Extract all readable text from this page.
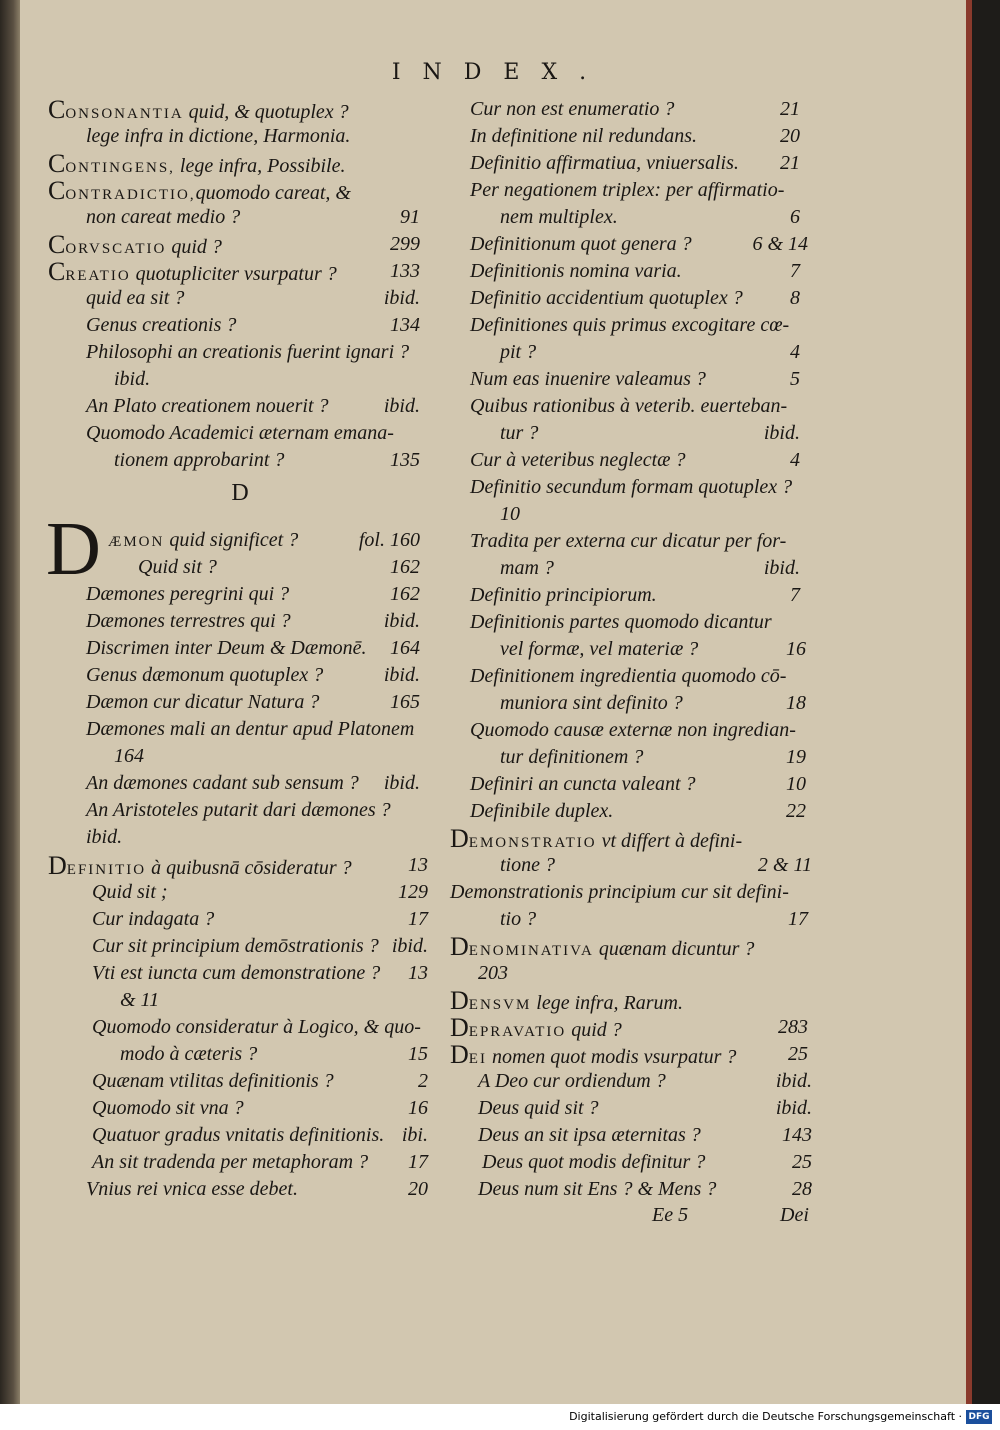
INDEX.
D
D
CONSONANTIA quid, & quotuplex ?
lege infra in dictione, Harmonia.
CONTINGENS, lege infra, Possibile.
CONTRADICTIO,quomodo careat, &
non careat medio ?	91
CORVSCATIO quid ?	299
CREATIO quotupliciter vsurpatur ?	133
quid ea sit ?	ibid.
Genus creationis ?	134
Philosophi an creationis fuerint ignari ?
ibid.
An Plato creationem nouerit ?	ibid.
Quomodo Academici æternam emana-
tionem approbarint ?	135
ÆMON quid significet ?	fol. 160
Quid sit ?	162
Dæmones peregrini qui ?	162
Dæmones terrestres qui ?	ibid.
Discrimen inter Deum & Dæmonē. 164
Genus dæmonum quotuplex ?	ibid.
Dæmon cur dicatur Natura ?	165
Dæmones mali an dentur apud Platonem
164
An dæmones cadant sub sensum ? ibid.
An Aristoteles putarit dari dæmones ?
ibid.
DEFINITIO à quibusnā cōsideratur ?	13
Quid sit ;	129
Cur indagata ?	17
Cur sit principium demōstrationis ? ibid.
Vti est iuncta cum demonstratione ? 13
& 11
Quomodo consideratur à Logico, & quo-
modo à cæteris ?	15
Quænam vtilitas definitionis ?	2
Quomodo sit vna ?	16
Quatuor gradus vnitatis definitionis. ibi.
An sit tradenda per metaphoram ? 17
Vnius rei vnica esse debet.	20
Cur non est enumeratio ?	21
In definitione nil redundans.	20
Definitio affirmatiua, vniuersalis. 21
Per negationem triplex: per affirmatio-
nem multiplex.	6
Definitionum quot genera ?	6 & 14
Definitionis nomina varia.	7
Definitio accidentium quotuplex ? 8
Definitiones quis primus excogitare cœ-
pit ?	4
Num eas inuenire valeamus ?	5
Quibus rationibus à veterib. euerteban-
tur ?	ibid.
Cur à veteribus neglectæ ?	4
Definitio secundum formam quotuplex ?
10
Tradita per externa cur dicatur per for-
mam ?	ibid.
Definitio principiorum.	7
Definitionis partes quomodo dicantur
vel formæ, vel materiæ ?	16
Definitionem ingredientia quomodo cō-
muniora sint definito ?	18
Quomodo causæ externæ non ingredian-
tur definitionem ?	19
Definiri an cuncta valeant ?	10
Definibile duplex.	22
DEMONSTRATIO vt differt à defini-
tione ?	2 & 11
Demonstrationis principium cur sit defini-
tio ?	17
DENOMINATIVA quænam dicuntur ?
203
DENSVM lege infra, Rarum.
DEPRAVATIO quid ?	283
DEI nomen quot modis vsurpatur ?	25
A Deo cur ordiendum ?	ibid.
Deus quid sit ?	ibid.
Deus an sit ipsa æternitas ?	143
Deus quot modis definitur ?	25
Deus num sit Ens ? & Mens ?	28
Ee 5	Dei
Digitalisierung gefördert durch die Deutsche Forschungsgemeinschaft · DFG
